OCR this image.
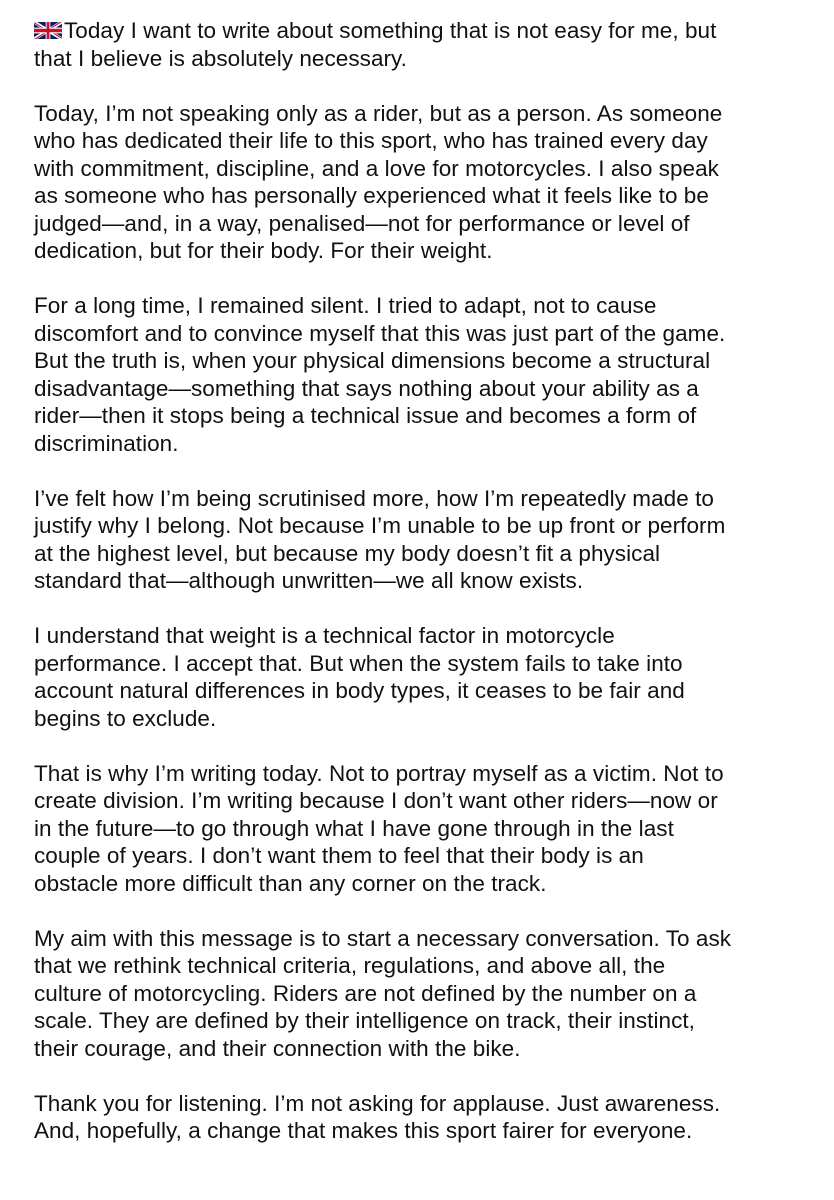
Today I want to write about something that is not easy for me, but
that I believe is absolutely necessary.

Today, I’m not speaking only as a rider, but as a person. As someone
who has dedicated their life to this sport, who has trained every day
with commitment, discipline, and a love for motorcycles. I also speak
as someone who has personally experienced what it feels like to be
judged—and, in a way, penalised—not for performance or level of
dedication, but for their body. For their weight.

For a long time, I remained silent. I tried to adapt, not to cause
discomfort and to convince myself that this was just part of the game.
But the truth is, when your physical dimensions become a structural
disadvantage—something that says nothing about your ability as a
rider—then it stops being a technical issue and becomes a form of
discrimination.

I’ve felt how I’m being scrutinised more, how I’m repeatedly made to
justify why I belong. Not because I’m unable to be up front or perform
at the highest level, but because my body doesn’t fit a physical
standard that—although unwritten—we all know exists.

I understand that weight is a technical factor in motorcycle
performance. I accept that. But when the system fails to take into
account natural differences in body types, it ceases to be fair and
begins to exclude.

That is why I’m writing today. Not to portray myself as a victim. Not to
create division. I’m writing because I don’t want other riders—now or
in the future—to go through what I have gone through in the last
couple of years. I don’t want them to feel that their body is an
obstacle more difficult than any corner on the track.

My aim with this message is to start a necessary conversation. To ask
that we rethink technical criteria, regulations, and above all, the
culture of motorcycling. Riders are not defined by the number on a
scale. They are defined by their intelligence on track, their instinct,
their courage, and their connection with the bike.

Thank you for listening. I’m not asking for applause. Just awareness.
And, hopefully, a change that makes this sport fairer for everyone.
